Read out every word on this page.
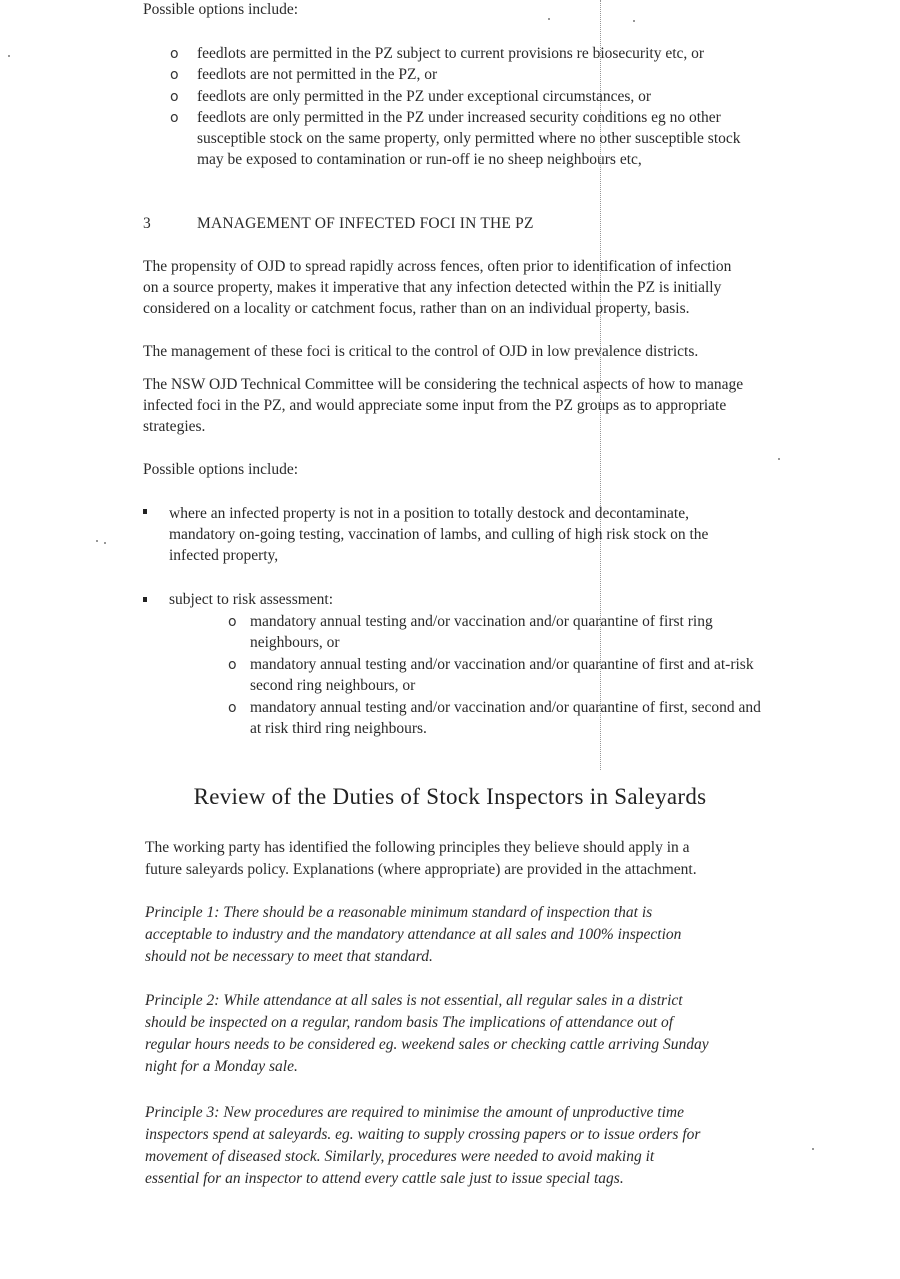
Possible options include:
o feedlots are permitted in the PZ subject to current provisions re biosecurity etc, or
o feedlots are not permitted in the PZ, or
o feedlots are only permitted in the PZ under exceptional circumstances, or
o feedlots are only permitted in the PZ under increased security conditions eg no other
susceptible stock on the same property, only permitted where no other susceptible stock
may be exposed to contamination or run-off ie no sheep neighbours etc,
3	MANAGEMENT OF INFECTED FOCI IN THE PZ
The propensity of OJD to spread rapidly across fences, often prior to identification of infection
on a source property, makes it imperative that any infection detected within the PZ is initially
considered on a locality or catchment focus, rather than on an individual property, basis.
The management of these foci is critical to the control of OJD in low prevalence districts.
The NSW OJD Technical Committee will be considering the technical aspects of how to manage
infected foci in the PZ, and would appreciate some input from the PZ groups as to appropriate
strategies.
Possible options include:
where an infected property is not in a position to totally destock and decontaminate,
mandatory on-going testing, vaccination of lambs, and culling of high risk stock on the
infected property,
subject to risk assessment:
o mandatory annual testing and/or vaccination and/or quarantine of first ring
neighbours, or
o mandatory annual testing and/or vaccination and/or quarantine of first and at-risk
second ring neighbours, or
o mandatory annual testing and/or vaccination and/or quarantine of first, second and
at risk third ring neighbours.
Review of the Duties of Stock Inspectors in Saleyards
The working party has identified the following principles they believe should apply in a
future saleyards policy. Explanations (where appropriate) are provided in the attachment.
Principle 1: There should be a reasonable minimum standard of inspection that is
acceptable to industry and the mandatory attendance at all sales and 100% inspection
should not be necessary to meet that standard.
Principle 2: While attendance at all sales is not essential, all regular sales in a district
should be inspected on a regular, random basis The implications of attendance out of
regular hours needs to be considered eg. weekend sales or checking cattle arriving Sunday
night for a Monday sale.
Principle 3: New procedures are required to minimise the amount of unproductive time
inspectors spend at saleyards. eg. waiting to supply crossing papers or to issue orders for
movement of diseased stock. Similarly, procedures were needed to avoid making it
essential for an inspector to attend every cattle sale just to issue special tags.
